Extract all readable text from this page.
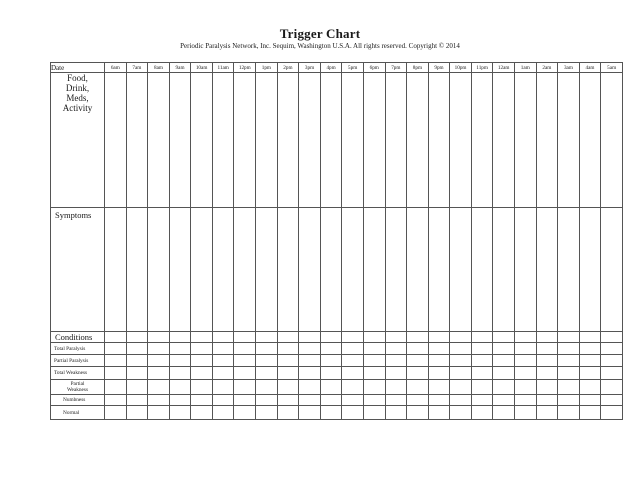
Trigger Chart
Periodic Paralysis Network, Inc. Sequim, Washington U.S.A. All rights reserved. Copyright © 2014
Date	6am	7am	8am	9am	10am	11am	12pm	1pm	2pm	3pm	4pm	5pm	6pm	7pm	8pm	9pm	10pm	11pm	12am	1am	2am	3am	4am	5am

Food,
Drink,
Meds,
Activity																								

Symptoms																								

Conditions																								

Total Paralysis																								

Partial Paralysis																								

Total Weakness																								

Partial
Weakness																								

Numbness																								

Normal																								
